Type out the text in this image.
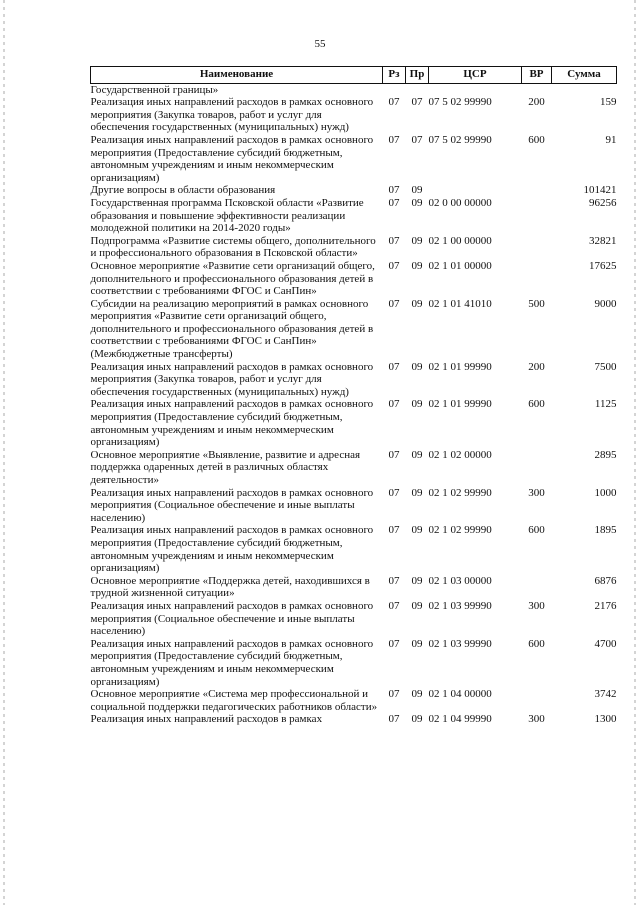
55
Наименование	Рз	Пр	ЦСР	ВР	Сумма
Государственной границы»					
Реализация иных направлений расходов в рамках основного мероприятия (Закупка товаров, работ и услуг для обеспечения государственных (муниципальных) нужд)	07	07	07 5 02 99990	200	159
Реализация иных направлений расходов в рамках основного мероприятия (Предоставление субсидий бюджетным, автономным учреждениям и иным некоммерческим организациям)	07	07	07 5 02 99990	600	91
Другие вопросы в области образования	07	09			101421
Государственная программа Псковской области «Развитие образования и повышение эффективности реализации молодежной политики на 2014-2020 годы»	07	09	02 0 00 00000		96256
Подпрограмма «Развитие системы общего, дополнительного и профессионального образования в Псковской области»	07	09	02 1 00 00000		32821
Основное мероприятие «Развитие сети организаций общего, дополнительного и профессионального образования детей в соответствии с требованиями ФГОС и СанПин»	07	09	02 1 01 00000		17625
Субсидии на реализацию мероприятий в рамках основного мероприятия «Развитие сети организаций общего, дополнительного и профессионального образования детей в соответствии с требованиями ФГОС и СанПин» (Межбюджетные трансферты)	07	09	02 1 01 41010	500	9000
Реализация иных направлений расходов в рамках основного мероприятия (Закупка товаров, работ и услуг для обеспечения государственных (муниципальных) нужд)	07	09	02 1 01 99990	200	7500
Реализация иных направлений расходов в рамках основного мероприятия (Предоставление субсидий бюджетным, автономным учреждениям и иным некоммерческим организациям)	07	09	02 1 01 99990	600	1125
Основное мероприятие «Выявление, развитие и адресная поддержка одаренных детей в различных областях деятельности»	07	09	02 1 02 00000		2895
Реализация иных направлений расходов в рамках основного мероприятия (Социальное обеспечение и иные выплаты населению)	07	09	02 1 02 99990	300	1000
Реализация иных направлений расходов в рамках основного мероприятия (Предоставление субсидий бюджетным, автономным учреждениям и иным некоммерческим организациям)	07	09	02 1 02 99990	600	1895
Основное мероприятие «Поддержка детей, находившихся в трудной жизненной ситуации»	07	09	02 1 03 00000		6876
Реализация иных направлений расходов в рамках основного мероприятия (Социальное обеспечение и иные выплаты населению)	07	09	02 1 03 99990	300	2176
Реализация иных направлений расходов в рамках основного мероприятия (Предоставление субсидий бюджетным, автономным учреждениям и иным некоммерческим организациям)	07	09	02 1 03 99990	600	4700
Основное мероприятие «Система мер профессиональной и социальной поддержки педагогических работников области»	07	09	02 1 04 00000		3742
Реализация иных направлений расходов в рамках	07	09	02 1 04 99990	300	1300
